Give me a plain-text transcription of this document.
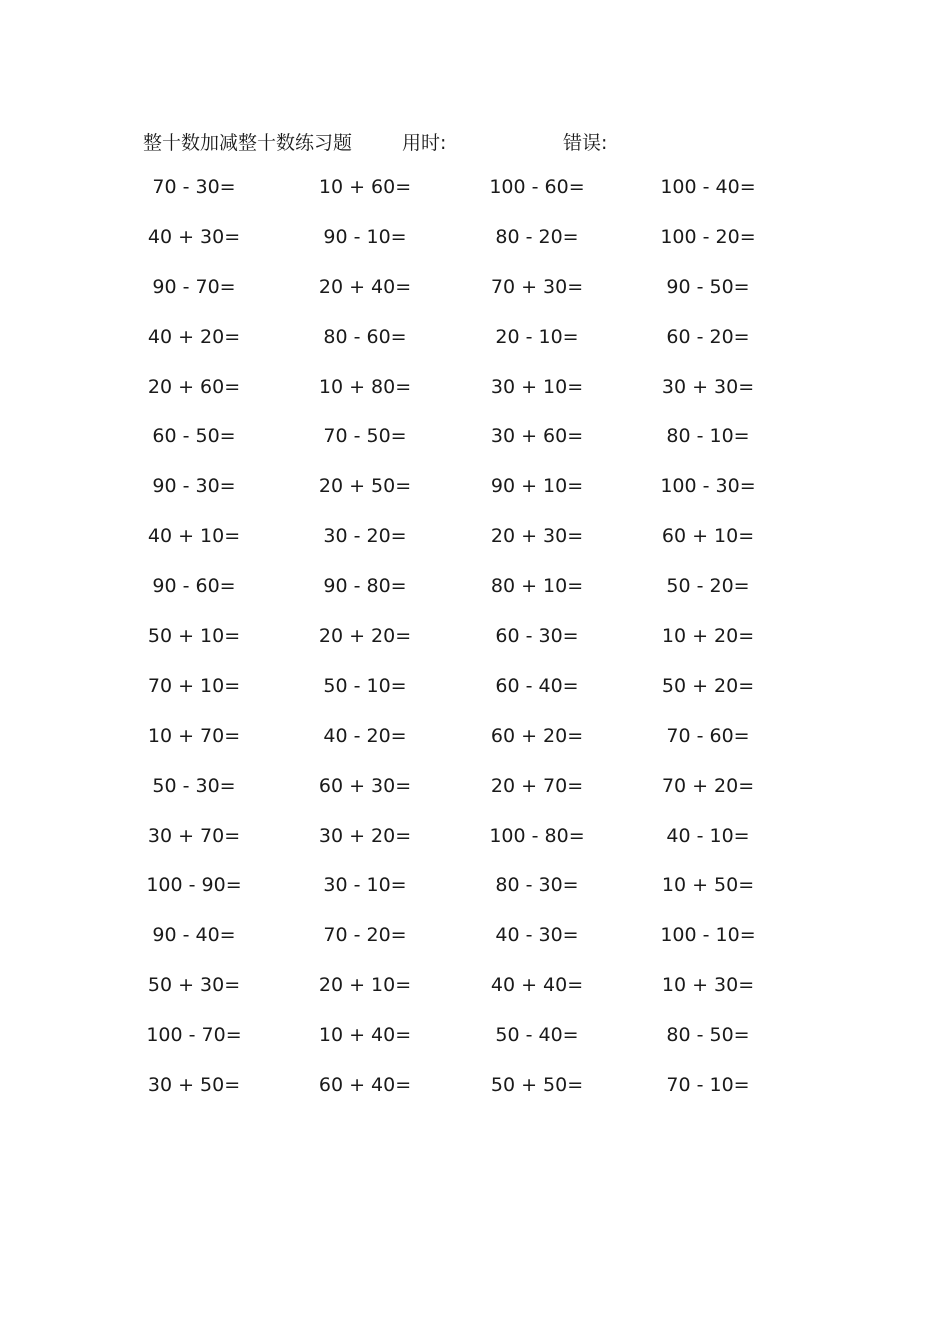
整十数加减整十数练习题	用时:	错误:
70 - 30=	10 + 60=	100 - 60=	100 - 40=
40 + 30=	90 - 10=	80 - 20=	100 - 20=
90 - 70=	20 + 40=	70 + 30=	90 - 50=
40 + 20=	80 - 60=	20 - 10=	60 - 20=
20 + 60=	10 + 80=	30 + 10=	30 + 30=
60 - 50=	70 - 50=	30 + 60=	80 - 10=
90 - 30=	20 + 50=	90 + 10=	100 - 30=
40 + 10=	30 - 20=	20 + 30=	60 + 10=
90 - 60=	90 - 80=	80 + 10=	50 - 20=
50 + 10=	20 + 20=	60 - 30=	10 + 20=
70 + 10=	50 - 10=	60 - 40=	50 + 20=
10 + 70=	40 - 20=	60 + 20=	70 - 60=
50 - 30=	60 + 30=	20 + 70=	70 + 20=
30 + 70=	30 + 20=	100 - 80=	40 - 10=
100 - 90=	30 - 10=	80 - 30=	10 + 50=
90 - 40=	70 - 20=	40 - 30=	100 - 10=
50 + 30=	20 + 10=	40 + 40=	10 + 30=
100 - 70=	10 + 40=	50 - 40=	80 - 50=
30 + 50=	60 + 40=	50 + 50=	70 - 10=
